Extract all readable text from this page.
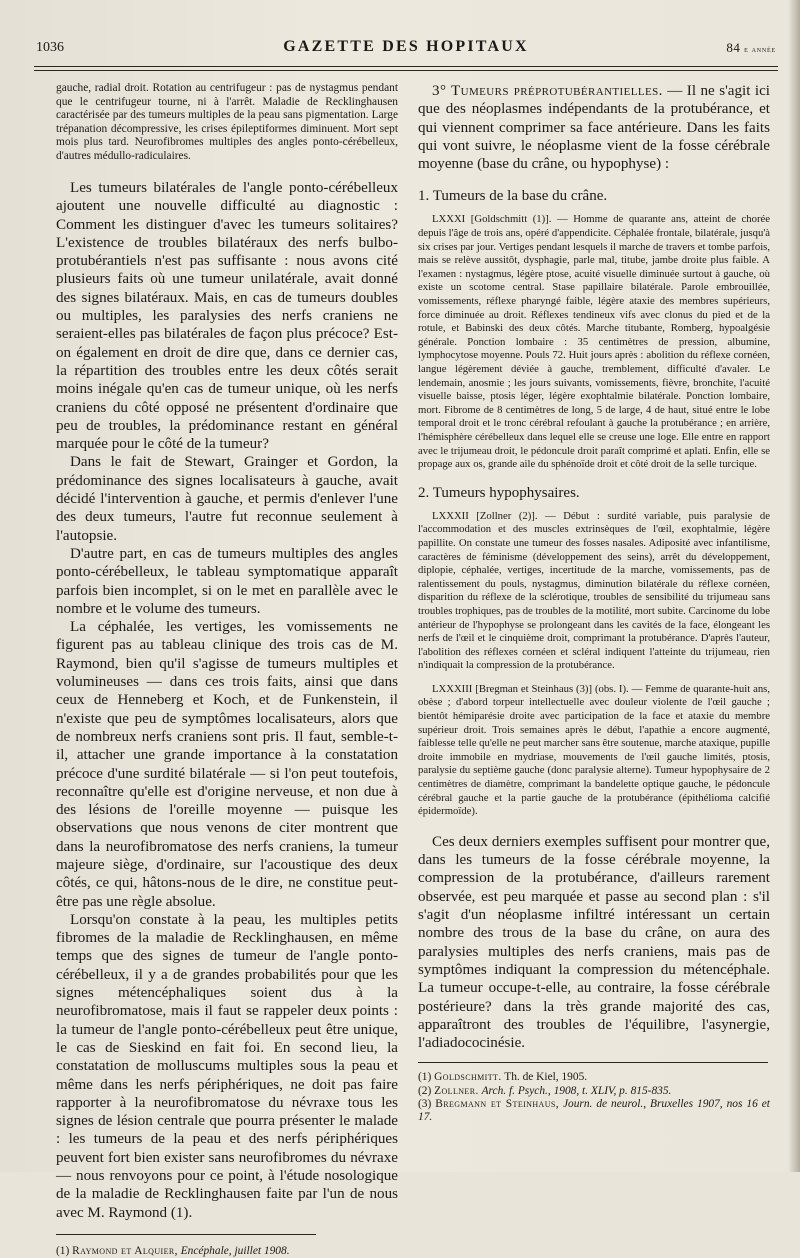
1036	GAZETTE DES HOPITAUX	84 e année

gauche, radial droit. Rotation au centrifugeur : pas de nystagmus pendant que le centrifugeur tourne, ni à l'arrêt. Maladie de Recklinghausen caractérisée par des tumeurs multiples de la peau sans pigmentation. Large trépanation décompressive, les crises épileptiformes diminuent. Mort sept mois plus tard. Neurofibromes multiples des angles ponto-cérébelleux, d'autres médullo-radiculaires.

Les tumeurs bilatérales de l'angle ponto-cérébelleux ajoutent une nouvelle difficulté au diagnostic : Comment les distinguer d'avec les tumeurs solitaires? L'existence de troubles bilatéraux des nerfs bulbo-protubérantiels n'est pas suffisante : nous avons cité plusieurs faits où une tumeur unilatérale, avait donné des signes bilatéraux. Mais, en cas de tumeurs doubles ou multiples, les paralysies des nerfs craniens ne seraient-elles pas bilatérales de façon plus précoce? Est-on également en droit de dire que, dans ce dernier cas, la répartition des troubles entre les deux côtés serait moins inégale qu'en cas de tumeur unique, où les nerfs craniens du côté opposé ne présentent d'ordinaire que peu de troubles, la prédominance restant en général marquée pour le côté de la tumeur?

Dans le fait de Stewart, Grainger et Gordon, la prédominance des signes localisateurs à gauche, avait décidé l'intervention à gauche, et permis d'enlever l'une des deux tumeurs, l'autre fut reconnue seulement à l'autopsie.

D'autre part, en cas de tumeurs multiples des angles ponto-cérébelleux, le tableau symptomatique apparaît parfois bien incomplet, si on le met en parallèle avec le nombre et le volume des tumeurs.

La céphalée, les vertiges, les vomissements ne figurent pas au tableau clinique des trois cas de M. Raymond, bien qu'il s'agisse de tumeurs multiples et volumineuses — dans ces trois faits, ainsi que dans ceux de Henneberg et Koch, et de Funkenstein, il n'existe que peu de symptômes localisateurs, alors que de nombreux nerfs craniens sont pris. Il faut, semble-t-il, attacher une grande importance à la constatation précoce d'une surdité bilatérale — si l'on peut toutefois, reconnaître qu'elle est d'origine nerveuse, et non due à des lésions de l'oreille moyenne — puisque les observations que nous venons de citer montrent que dans la neurofibromatose des nerfs craniens, la tumeur majeure siège, d'ordinaire, sur l'acoustique des deux côtés, ce qui, hâtons-nous de le dire, ne constitue peut-être pas une règle absolue.

Lorsqu'on constate à la peau, les multiples petits fibromes de la maladie de Recklinghausen, en même temps que des signes de tumeur de l'angle ponto-cérébelleux, il y a de grandes probabilités pour que les signes métencéphaliques soient dus à la neurofibromatose, mais il faut se rappeler deux points : la tumeur de l'angle ponto-cérébelleux peut être unique, le cas de Sieskind en fait foi. En second lieu, la constatation de molluscums multiples sous la peau et même dans les nerfs périphériques, ne doit pas faire rapporter à la neurofibromatose du névraxe tous les signes de lésion centrale que pourra présenter le malade : les tumeurs de la peau et des nerfs périphériques peuvent fort bien exister sans neurofibromes du névraxe — nous renvoyons pour ce point, à l'étude nosologique de la maladie de Recklinghausen faite par l'un de nous avec M. Raymond (1).

(1) Raymond et Alquier, Encéphale, juillet 1908.

3° Tumeurs préprotubérantielles. — Il ne s'agit ici que des néoplasmes indépendants de la protubérance, et qui viennent comprimer sa face antérieure. Dans les faits qui vont suivre, le néoplasme vient de la fosse cérébrale moyenne (base du crâne, ou hypophyse) :

1. Tumeurs de la base du crâne.

LXXXI [Goldschmitt (1)]. — Homme de quarante ans, atteint de chorée depuis l'âge de trois ans, opéré d'appendicite. Céphalée frontale, bilatérale, jusqu'à six crises par jour. Vertiges pendant lesquels il marche de travers et tombe parfois, mais se relève aussitôt, dysphagie, parle mal, titube, jambe droite plus faible. A l'examen : nystagmus, légère ptose, acuité visuelle diminuée surtout à gauche, où existe un scotome central. Stase papillaire bilatérale. Parole embrouillée, vomissements, réflexe pharyngé faible, légère ataxie des membres supérieurs, force diminuée au droit. Réflexes tendineux vifs avec clonus du pied et de la rotule, et Babinski des deux côtés. Marche titubante, Romberg, hypoalgésie générale. Ponction lombaire : 35 centimètres de pression, albumine, lymphocytose moyenne. Pouls 72. Huit jours après : abolition du réflexe cornéen, langue légèrement déviée à gauche, tremblement, difficulté d'avaler. Le lendemain, anosmie ; les jours suivants, vomissements, fièvre, bronchite, l'acuité visuelle baisse, ptosis léger, légère exophtalmie bilatérale. Ponction lombaire, mort. Fibrome de 8 centimètres de long, 5 de large, 4 de haut, situé entre le lobe temporal droit et le tronc cérébral refoulant à gauche la protubérance ; en arrière, l'hémisphère cérébelleux dans lequel elle se creuse une loge. Elle entre en rapport avec le trijumeau droit, le pédoncule droit paraît comprimé et aplati. Enfin, elle se propage aux os, grande aile du sphénoïde droit et côté droit de la selle turcique.

2. Tumeurs hypophysaires.

LXXXII [Zollner (2)]. — Début : surdité variable, puis paralysie de l'accommodation et des muscles extrinsèques de l'œil, exophtalmie, légère papillite. On constate une tumeur des fosses nasales. Adiposité avec infantilisme, caractères de féminisme (développement des seins), arrêt du développement, diplopie, céphalée, vertiges, incertitude de la marche, vomissements, pas de ralentissement du pouls, nystagmus, diminution bilatérale du réflexe cornéen, disparition du réflexe de la sclérotique, troubles de sensibilité du trijumeau sans troubles trophiques, pas de troubles de la motilité, mort subite. Carcinome du lobe antérieur de l'hypophyse se prolongeant dans les cavités de la face, élongeant les nerfs de l'œil et le cinquième droit, comprimant la protubérance. D'après l'auteur, l'abolition des réflexes cornéen et scléral indiquent l'atteinte du trijumeau, rien n'indiquait la compression de la protubérance.

LXXXIII [Bregman et Steinhaus (3)] (obs. I). — Femme de quarante-huit ans, obèse ; d'abord torpeur intellectuelle avec douleur violente de l'œil gauche ; bientôt hémiparésie droite avec participation de la face et ataxie du membre supérieur droit. Trois semaines après le début, l'apathie a encore augmenté, faiblesse telle qu'elle ne peut marcher sans être soutenue, marche ataxique, pupille droite immobile en mydriase, mouvements de l'œil gauche limités, ptosis, paralysie du septième gauche (donc paralysie alterne). Tumeur hypophysaire de 2 centimètres de diamètre, comprimant la bandelette optique gauche, le pédoncule cérébral gauche et la partie gauche de la protubérance (épithélioma calcifié épidermoïde).

Ces deux derniers exemples suffisent pour montrer que, dans les tumeurs de la fosse cérébrale moyenne, la compression de la protubérance, d'ailleurs rarement observée, est peu marquée et passe au second plan : s'il s'agit d'un néoplasme infiltré intéressant un certain nombre des trous de la base du crâne, on aura des paralysies multiples des nerfs craniens, mais pas de symptômes indiquant la compression du métencéphale. La tumeur occupe-t-elle, au contraire, la fosse cérébrale postérieure? dans la très grande majorité des cas, apparaîtront des troubles de l'équilibre, l'asynergie, l'adiadococinésie.

(1) Goldschmitt. Th. de Kiel, 1905.

(2) Zollner. Arch. f. Psych., 1908, t. XLIV, p. 815-835.

(3) Bregmann et Steinhaus, Journ. de neurol., Bruxelles 1907, nos 16 et 17.
